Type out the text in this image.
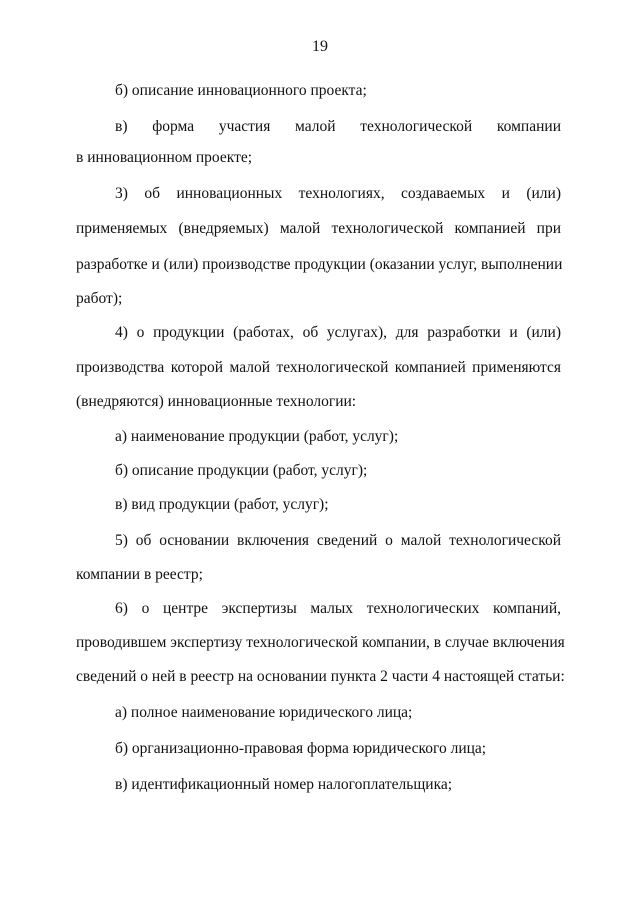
19
б) описание инновационного проекта;
в) форма участия малой технологической компании
в инновационном проекте;
3) об инновационных технологиях, создаваемых и (или)
применяемых (внедряемых) малой технологической компанией при
разработке и (или) производстве продукции (оказании услуг, выполнении
работ);
4) о продукции (работах, об услугах), для разработки и (или)
производства которой малой технологической компанией применяются
(внедряются) инновационные технологии:
а) наименование продукции (работ, услуг);
б) описание продукции (работ, услуг);
в) вид продукции (работ, услуг);
5) об основании включения сведений о малой технологической
компании в реестр;
6) о центре экспертизы малых технологических компаний,
проводившем экспертизу технологической компании, в случае включения
сведений о ней в реестр на основании пункта 2 части 4 настоящей статьи:
а) полное наименование юридического лица;
б) организационно-правовая форма юридического лица;
в) идентификационный номер налогоплательщика;
